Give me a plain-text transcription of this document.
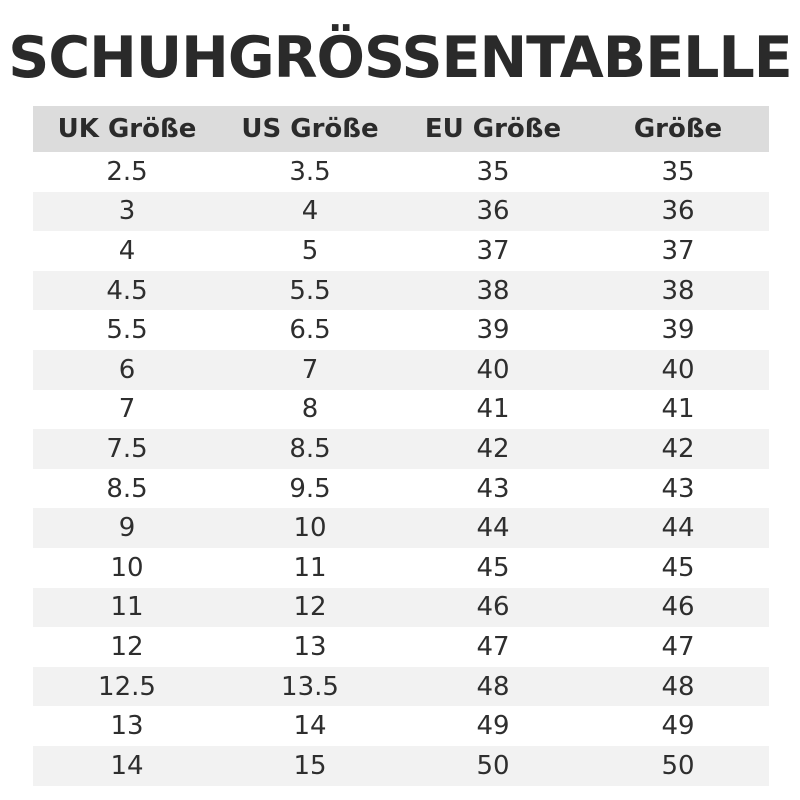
SCHUHGRÖSSENTABELLE
UK Größe	US Größe	EU Größe	Größe
2.5	3.5	35	35
3	4	36	36
4	5	37	37
4.5	5.5	38	38
5.5	6.5	39	39
6	7	40	40
7	8	41	41
7.5	8.5	42	42
8.5	9.5	43	43
9	10	44	44
10	11	45	45
11	12	46	46
12	13	47	47
12.5	13.5	48	48
13	14	49	49
14	15	50	50
